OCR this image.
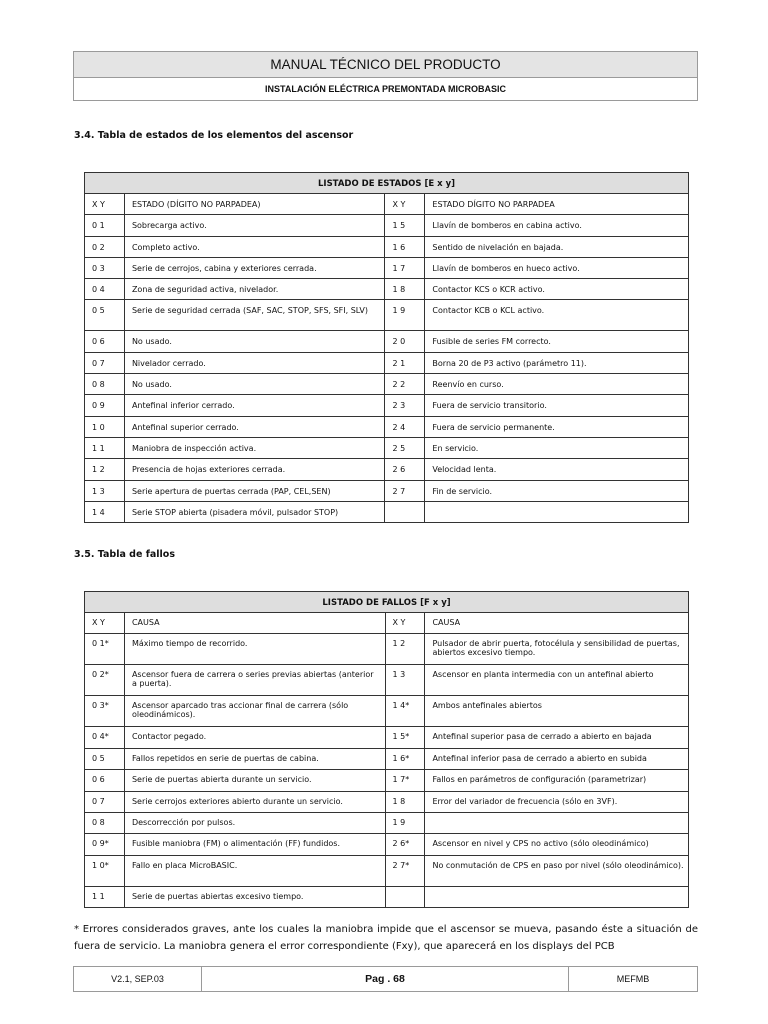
MANUAL TÉCNICO DEL PRODUCTO
INSTALACIÓN ELÉCTRICA PREMONTADA MICROBASIC
3.4. Tabla de estados de los elementos del ascensor
LISTADO DE ESTADOS [E x y]			
X Y	ESTADO (DÍGITO NO PARPADEA)	X Y	ESTADO DÍGITO NO PARPADEA
0 1	Sobrecarga activo.	1 5	Llavín de bomberos en cabina activo.
0 2	Completo activo.	1 6	Sentido de nivelación en bajada.
0 3	Serie de cerrojos, cabina y exteriores cerrada.	1 7	Llavín de bomberos en hueco activo.
0 4	Zona de seguridad activa, nivelador.	1 8	Contactor KCS o KCR activo.
0 5	Serie de seguridad cerrada (SAF, SAC, STOP, SFS, SFI, SLV)	1 9	Contactor KCB o KCL activo.
0 6	No usado.	2 0	Fusible de series FM correcto.
0 7	Nivelador cerrado.	2 1	Borna 20 de P3 activo (parámetro 11).
0 8	No usado.	2 2	Reenvío en curso.
0 9	Antefinal inferior cerrado.	2 3	Fuera de servicio transitorio.
1 0	Antefinal superior cerrado.	2 4	Fuera de servicio permanente.
1 1	Maniobra de inspección activa.	2 5	En servicio.
1 2	Presencia de hojas exteriores cerrada.	2 6	Velocidad lenta.
1 3	Serie apertura de puertas cerrada (PAP, CEL,SEN)	2 7	Fin de servicio.
1 4	Serie STOP abierta (pisadera móvil, pulsador STOP)		
3.5. Tabla de fallos
LISTADO DE FALLOS [F x y]			
X Y	CAUSA	X Y	CAUSA
0 1*	Máximo tiempo de recorrido.	1 2	Pulsador de abrir puerta, fotocélula y sensibilidad de puertas, abiertos excesivo tiempo.
0 2*	Ascensor fuera de carrera o series previas abiertas (anterior a puerta).	1 3	Ascensor en planta intermedia con un antefinal abierto
0 3*	Ascensor aparcado tras accionar final de carrera (sólo oleodinámicos).	1 4*	Ambos antefinales abiertos
0 4*	Contactor pegado.	1 5*	Antefinal superior pasa de cerrado a abierto en bajada
0 5	Fallos repetidos en serie de puertas de cabina.	1 6*	Antefinal inferior pasa de cerrado a abierto en subida
0 6	Serie de puertas abierta durante un servicio.	1 7*	Fallos en parámetros de configuración (parametrizar)
0 7	Serie cerrojos exteriores abierto durante un servicio.	1 8	Error del variador de frecuencia (sólo en 3VF).
0 8	Descorrección por pulsos.	1 9	
0 9*	Fusible maniobra (FM) o alimentación (FF) fundidos.	2 6*	Ascensor en nivel y CPS no activo (sólo oleodinámico)
1 0*	Fallo en placa MicroBASIC.	2 7*	No conmutación de CPS en paso por nivel (sólo oleodinámico).
1 1	Serie de puertas abiertas excesivo tiempo.		

* Errores considerados graves, ante los cuales la maniobra impide que el ascensor se mueva, pasando éste a situación de fuera de servicio. La maniobra genera el error correspondiente (Fxy), que aparecerá en los displays del PCB

V2.1, SEP.03	Pag . 68	MEFMB
